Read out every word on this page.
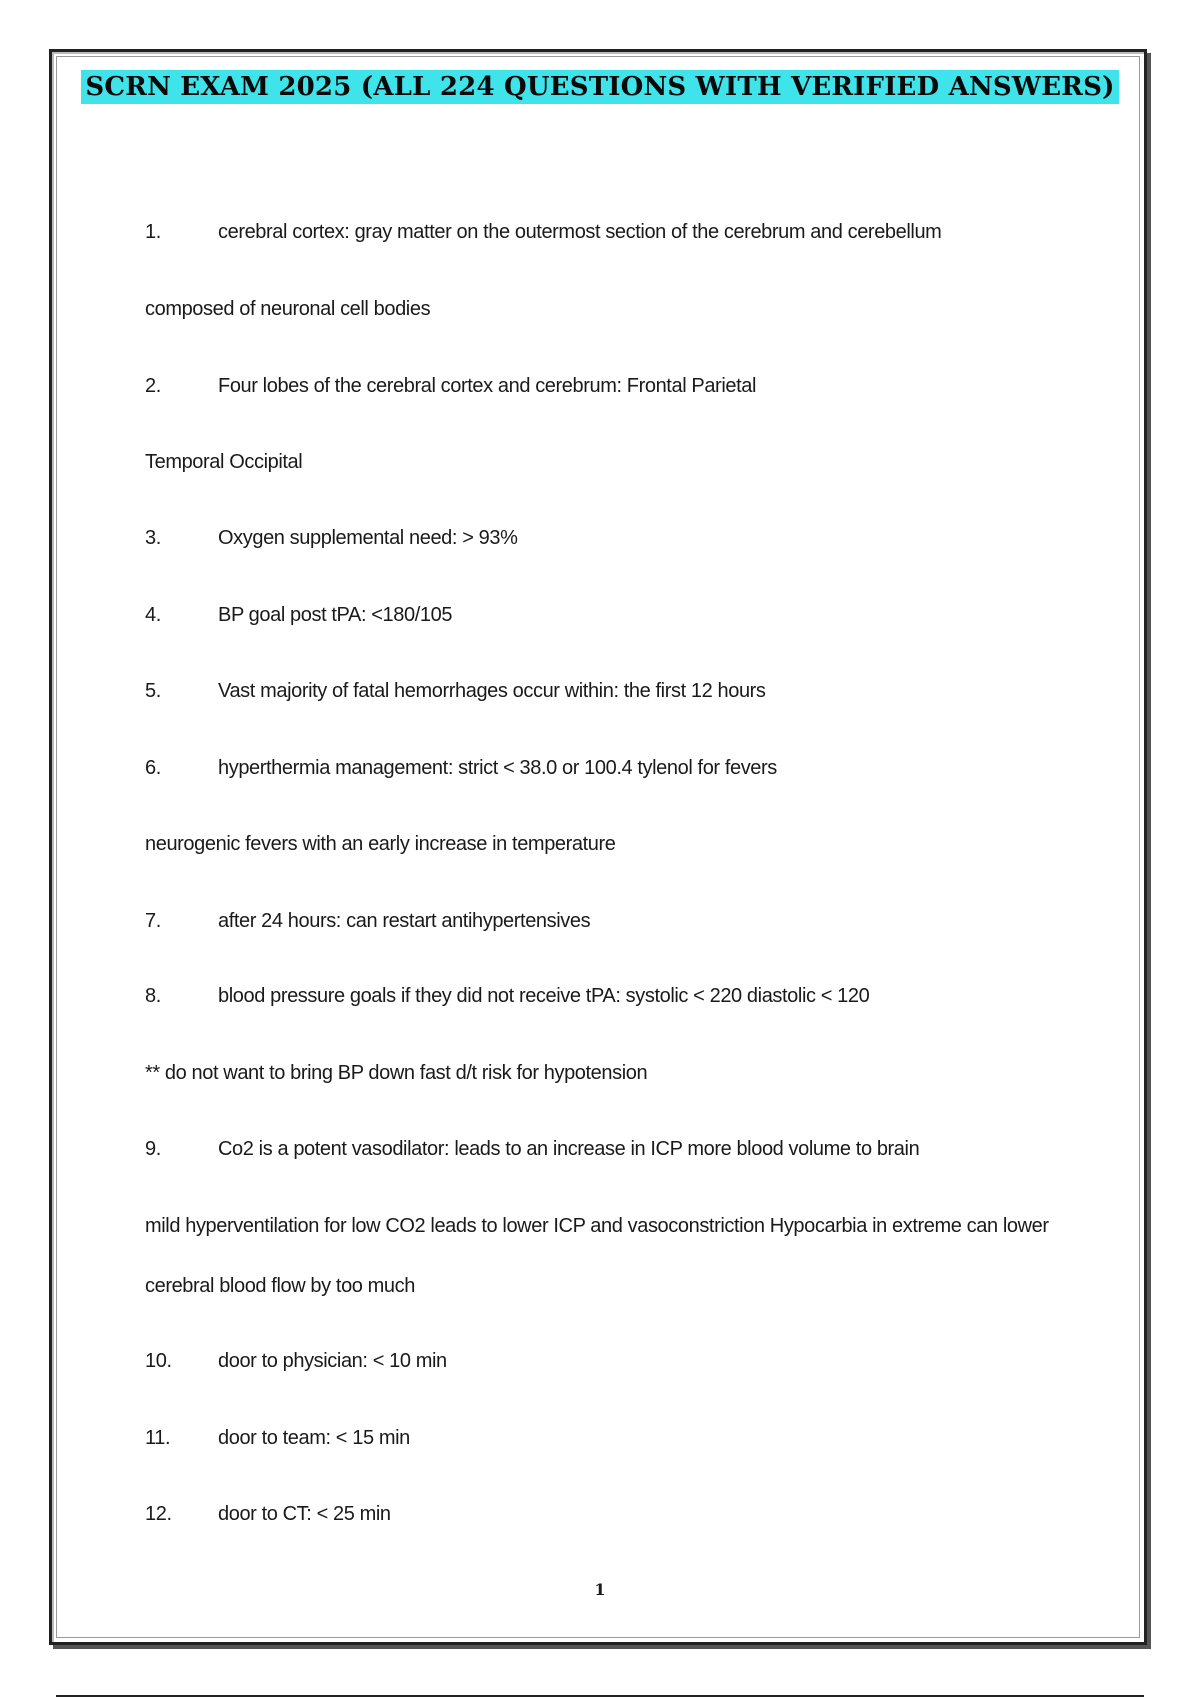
SCRN EXAM 2025 (ALL 224 QUESTIONS WITH VERIFIED ANSWERS)
1.	cerebral cortex: gray matter on the outermost section of the cerebrum and cerebellum
composed of neuronal cell bodies
2.	Four lobes of the cerebral cortex and cerebrum: Frontal Parietal
Temporal Occipital
3.	Oxygen supplemental need: > 93%
4.	BP goal post tPA: <180/105
5.	Vast majority of fatal hemorrhages occur within: the first 12 hours
6.	hyperthermia management: strict < 38.0 or 100.4 tylenol for fevers
neurogenic fevers with an early increase in temperature
7.	after 24 hours: can restart antihypertensives
8.	blood pressure goals if they did not receive tPA: systolic < 220 diastolic < 120
** do not want to bring BP down fast d/t risk for hypotension
9.	Co2 is a potent vasodilator: leads to an increase in ICP more blood volume to brain
mild hyperventilation for low CO2 leads to lower ICP and vasoconstriction Hypocarbia in extreme can lower
cerebral blood flow by too much
10. door to physician: < 10 min
11. door to team: < 15 min
12. door to CT: < 25 min
1
